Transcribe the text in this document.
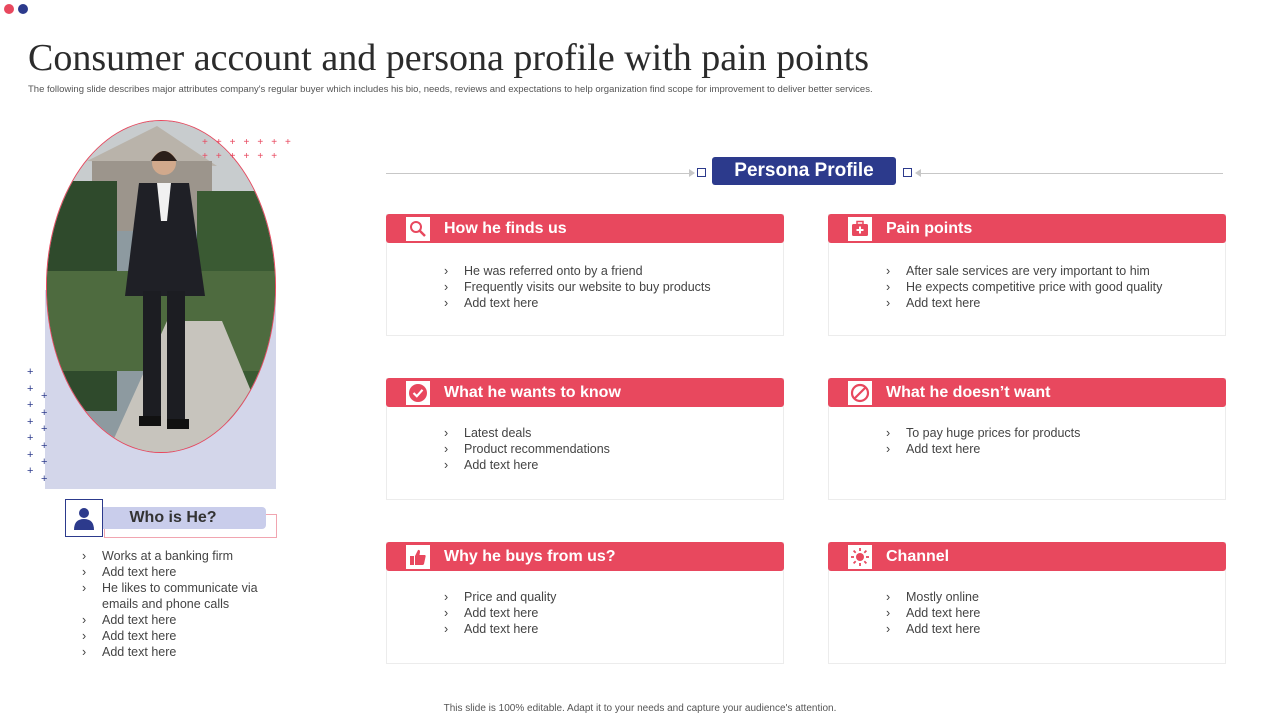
Consumer account and persona profile with pain points
The following slide describes major attributes company's regular buyer which includes his bio, needs, reviews and expectations to help organization find scope for improvement to deliver better services.
+++++++
++++++
+
+
+
+
+
+
+
+
+
+
+
+
+
Who is He?
› Works at a banking firm
› Add text here
› He likes to communicate via emails and phone calls
› Add text here
› Add text here
› Add text here
Persona Profile
How he finds us
› He was referred onto by a friend
› Frequently visits our website to buy products
› Add text here
Pain points
› After sale services are very important to him
› He expects competitive price with good quality
› Add text here
What he wants to know
› Latest deals
› Product recommendations
› Add text here
What he doesn’t want
› To pay huge prices for products
› Add text here
Why he buys from us?
› Price and quality
› Add text here
› Add text here
Channel
› Mostly online
› Add text here
› Add text here
This slide is 100% editable. Adapt it to your needs and capture your audience's attention.
